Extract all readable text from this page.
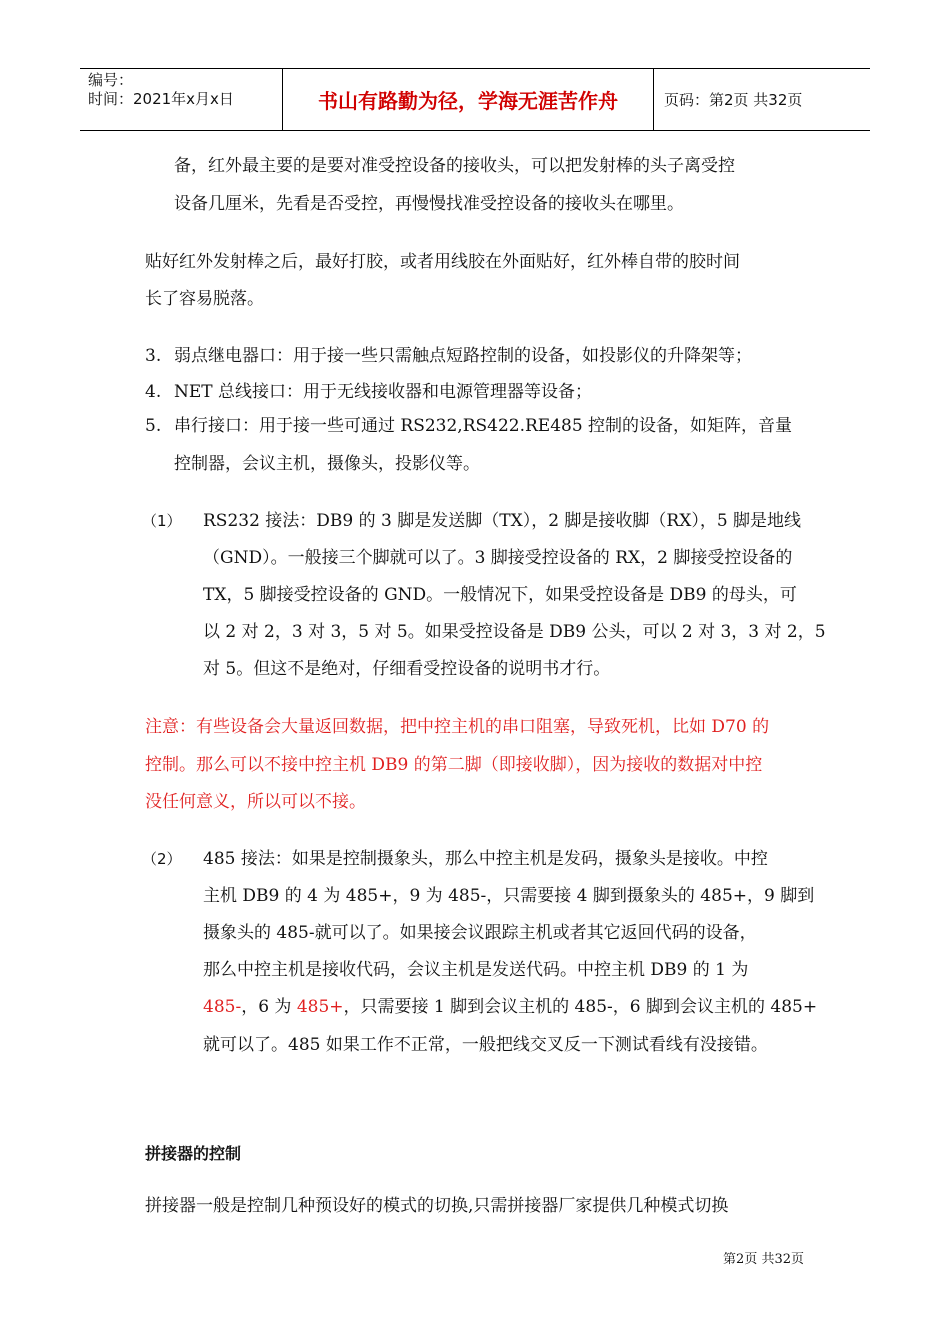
编号：
时间：2021年x月x日	书山有路勤为径，学海无涯苦作舟	页码：第2页 共32页
备，红外最主要的是要对准受控设备的接收头，可以把发射棒的头子离受控
设备几厘米，先看是否受控，再慢慢找准受控设备的接收头在哪里。
贴好红外发射棒之后，最好打胶，或者用线胶在外面贴好，红外棒自带的胶时间
长了容易脱落。
3. 弱点继电器口：用于接一些只需触点短路控制的设备，如投影仪的升降架等；
4. NET 总线接口：用于无线接收器和电源管理器等设备；
5. 串行接口：用于接一些可通过 RS232,RS422.RE485 控制的设备，如矩阵，音量
控制器，会议主机，摄像头，投影仪等。
（1） RS232 接法：DB9 的 3 脚是发送脚（TX），2 脚是接收脚（RX），5 脚是地线
（GND）。一般接三个脚就可以了。3 脚接受控设备的 RX，2 脚接受控设备的
TX，5 脚接受控设备的 GND。一般情况下，如果受控设备是 DB9 的母头，可
以 2 对 2，3 对 3，5 对 5。如果受控设备是 DB9 公头，可以 2 对 3，3 对 2，5
对 5。但这不是绝对，仔细看受控设备的说明书才行。
注意：有些设备会大量返回数据，把中控主机的串口阻塞，导致死机，比如 D70 的
控制。那么可以不接中控主机 DB9 的第二脚（即接收脚），因为接收的数据对中控
没任何意义，所以可以不接。
（2） 485 接法：如果是控制摄象头，那么中控主机是发码，摄象头是接收。中控
主机 DB9 的 4 为 485+，9 为 485-，只需要接 4 脚到摄象头的 485+，9 脚到
摄象头的 485-就可以了。如果接会议跟踪主机或者其它返回代码的设备，
那么中控主机是接收代码，会议主机是发送代码。中控主机 DB9 的 1 为
485-，6 为 485+，只需要接 1 脚到会议主机的 485-，6 脚到会议主机的 485+
就可以了。485 如果工作不正常，一般把线交叉反一下测试看线有没接错。
拼接器的控制
拼接器一般是控制几种预设好的模式的切换,只需拼接器厂家提供几种模式切换
第2页 共32页
